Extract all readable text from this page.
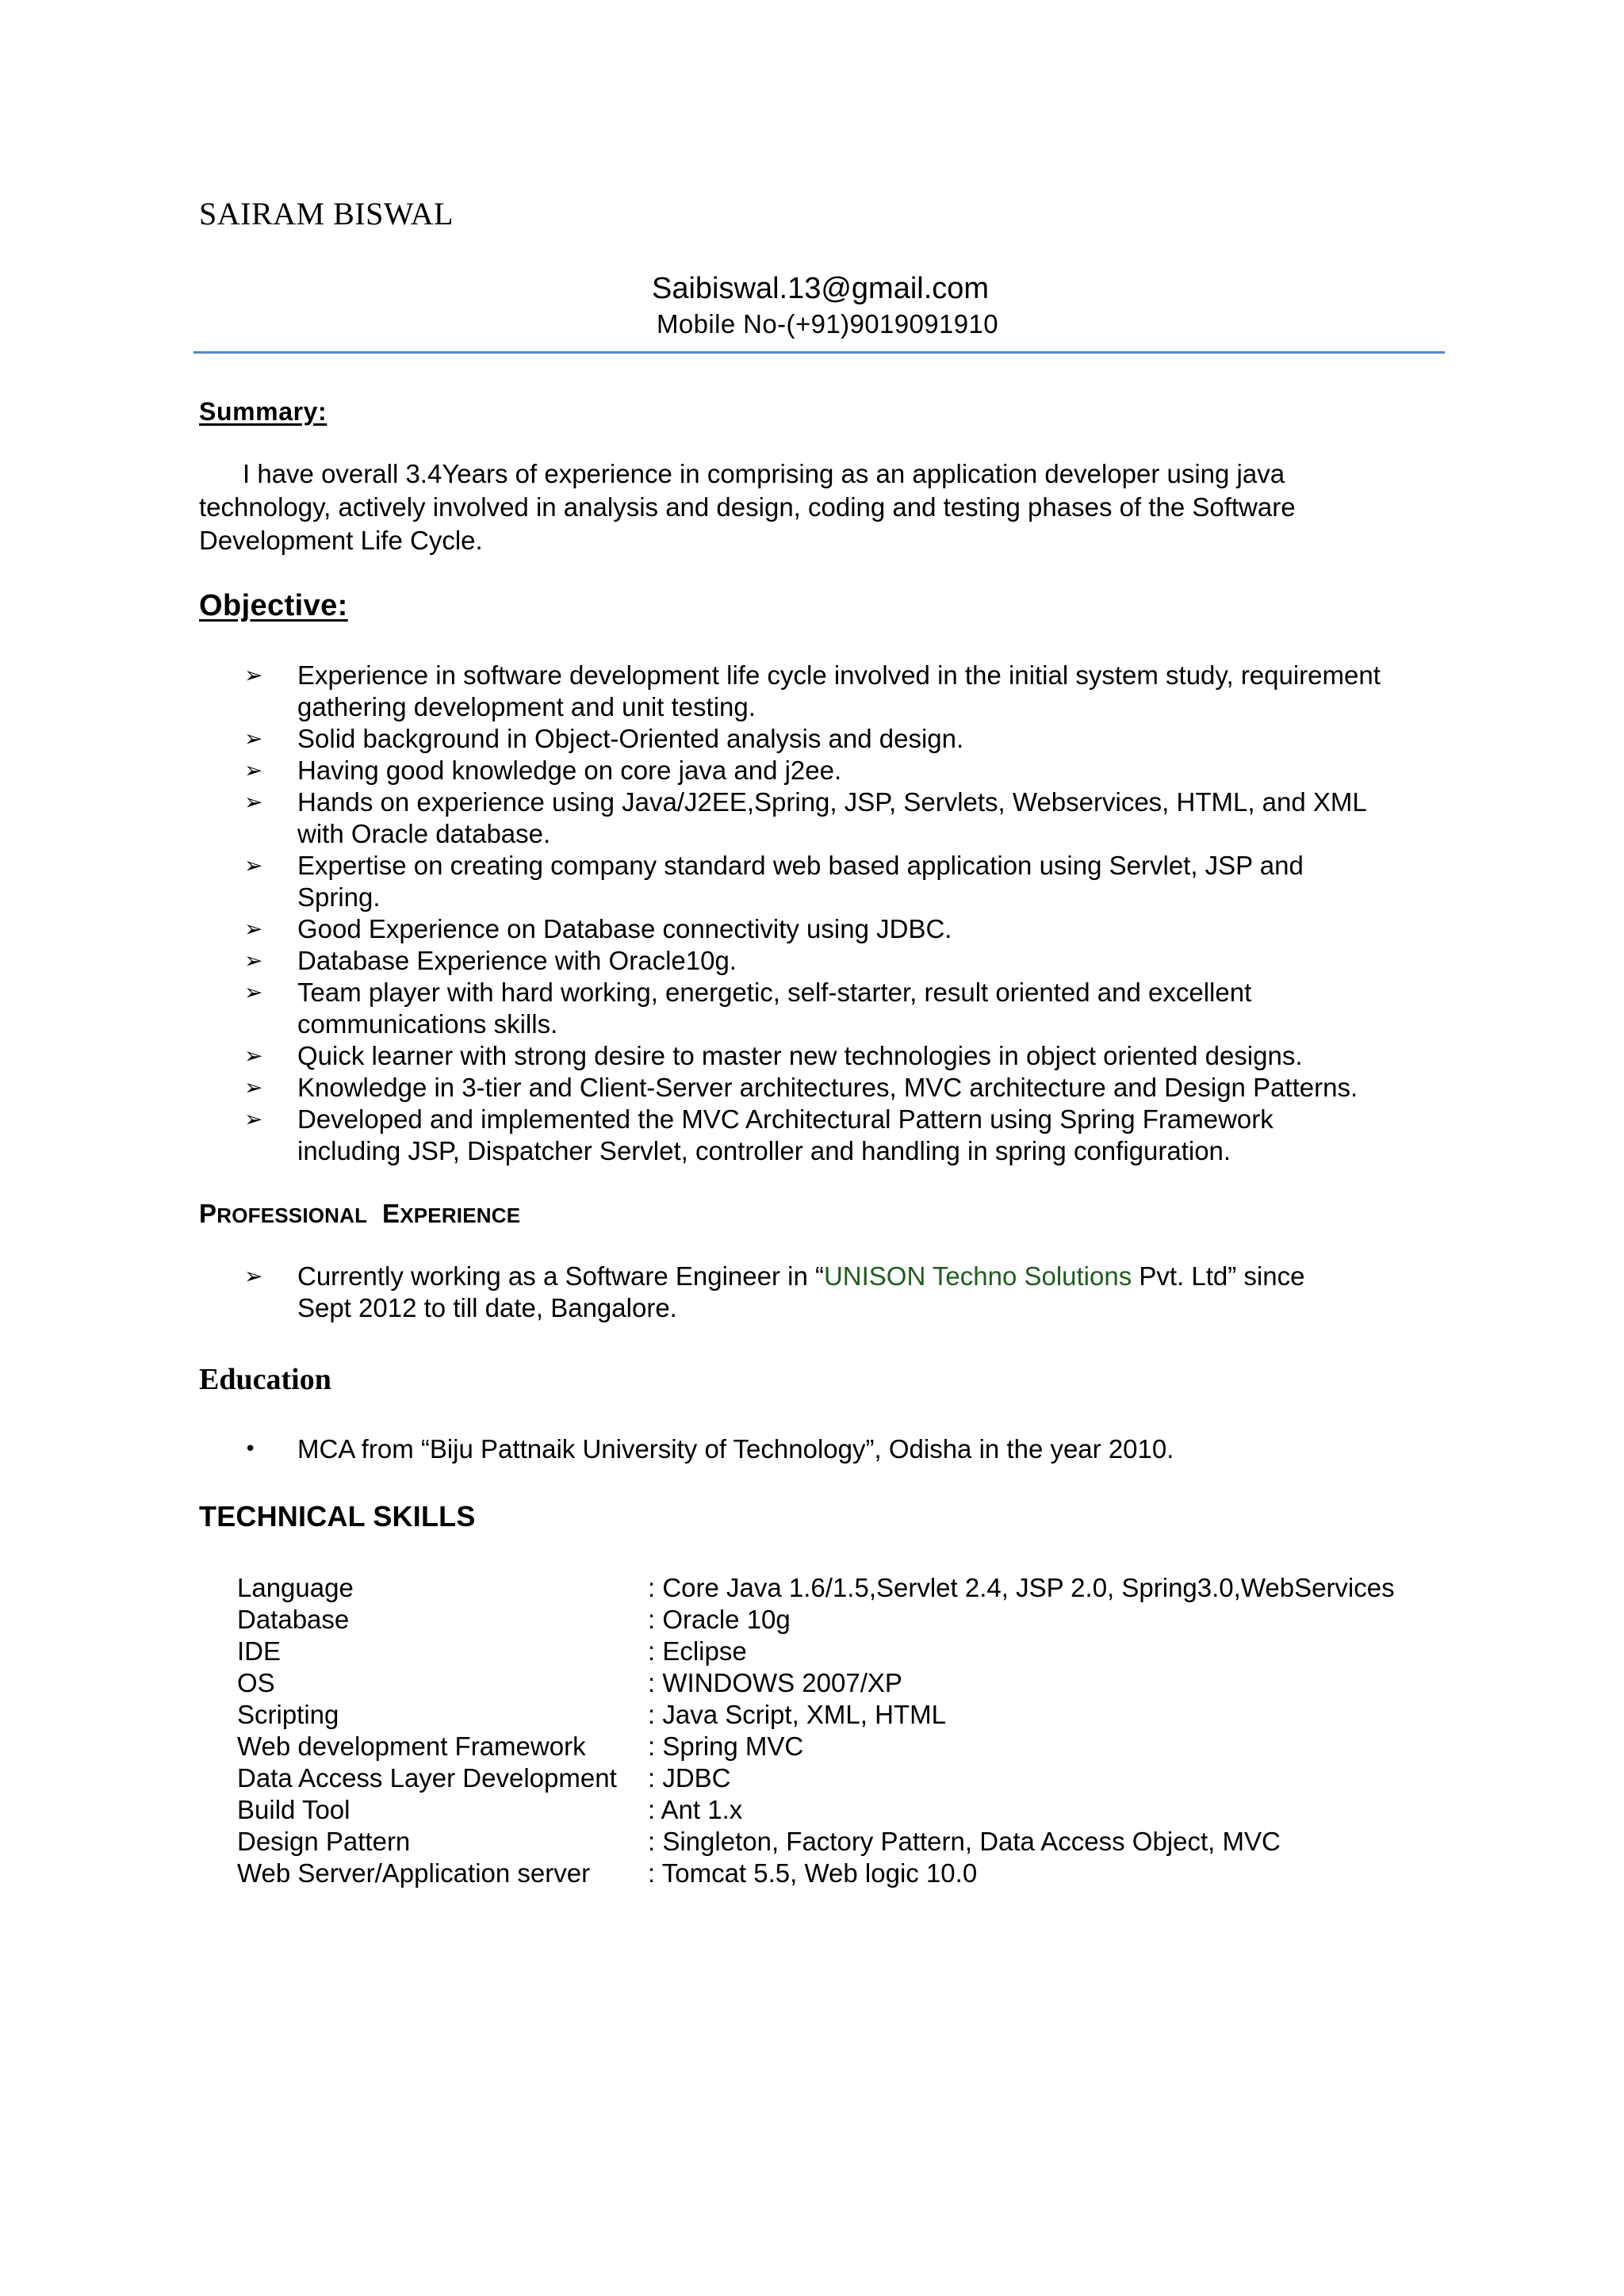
SAIRAM BISWAL
Saibiswal.13@gmail.com
Mobile No-(+91)9019091910
Summary:
I have overall 3.4Years of experience in comprising as an application developer using java
technology, actively involved in analysis and design, coding and testing phases of the Software
Development Life Cycle.
Objective:
➢ Experience in software development life cycle involved in the initial system study, requirement
gathering development and unit testing.
➢ Solid background in Object-Oriented analysis and design.
➢ Having good knowledge on core java and j2ee.
➢ Hands on experience using Java/J2EE,Spring, JSP, Servlets, Webservices, HTML, and XML
with Oracle database.
➢ Expertise on creating company standard web based application using Servlet, JSP and
Spring.
➢ Good Experience on Database connectivity using JDBC.
➢ Database Experience with Oracle10g.
➢ Team player with hard working, energetic, self-starter, result oriented and excellent
communications skills.
➢ Quick learner with strong desire to master new technologies in object oriented designs.
➢ Knowledge in 3-tier and Client-Server architectures, MVC architecture and Design Patterns.
➢ Developed and implemented the MVC Architectural Pattern using Spring Framework
including JSP, Dispatcher Servlet, controller and handling in spring configuration.
PROFESSIONAL EXPERIENCE
➢ Currently working as a Software Engineer in “UNISON Techno Solutions Pvt. Ltd” since
Sept 2012 to till date, Bangalore.
Education
• MCA from “Biju Pattnaik University of Technology”, Odisha in the year 2010.
TECHNICAL SKILLS
Language	: Core Java 1.6/1.5,Servlet 2.4, JSP 2.0, Spring3.0,WebServices
Database	: Oracle 10g
IDE	: Eclipse
OS	: WINDOWS 2007/XP
Scripting	: Java Script, XML, HTML
Web development Framework	: Spring MVC
Data Access Layer Development	: JDBC
Build Tool	: Ant 1.x
Design Pattern	: Singleton, Factory Pattern, Data Access Object, MVC
Web Server/Application server	: Tomcat 5.5, Web logic 10.0
